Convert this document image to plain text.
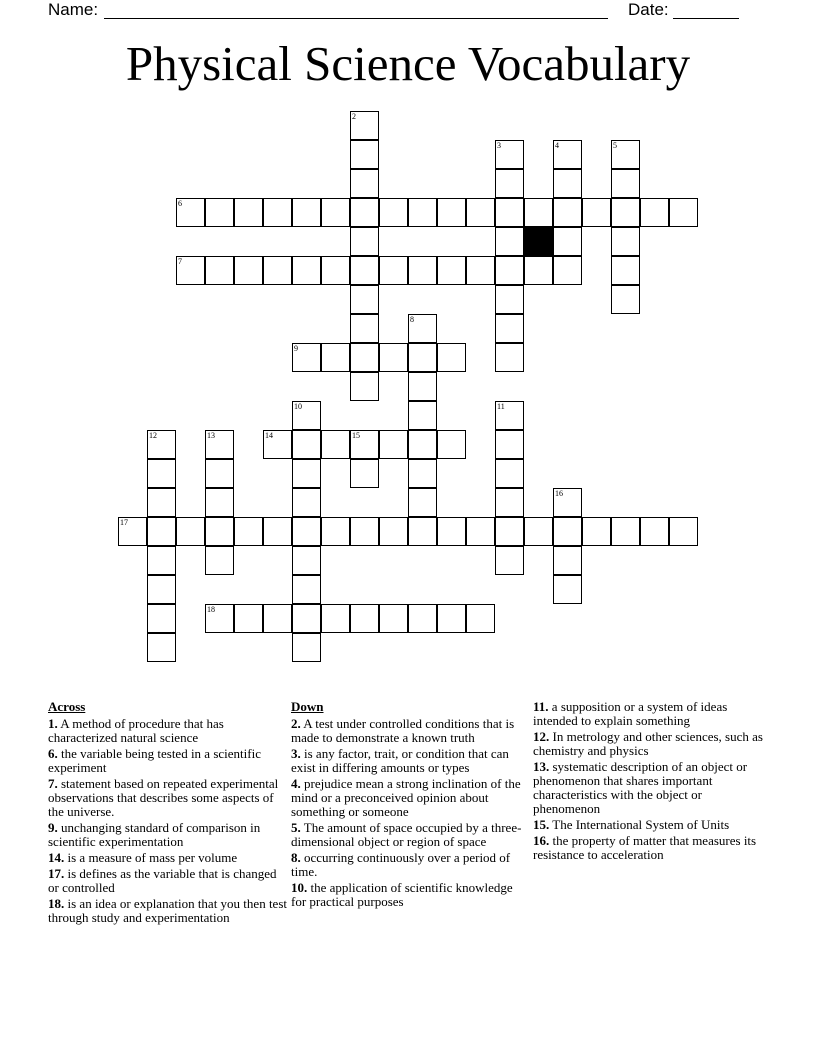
Name:	Date:
Physical Science Vocabulary
6
7
9
14	15
17
18
2
3	4	5
8
10	11
12	13
16
Across
1. A method of procedure that has characterized natural science
6. the variable being tested in a scientific experiment
7. statement based on repeated experimental observations that describes some aspects of the universe.
9. unchanging standard of comparison in scientific experimentation
14. is a measure of mass per volume
17. is defines as the variable that is changed or controlled
18. is an idea or explanation that you then test through study and experimentation
Down
2. A test under controlled conditions that is made to demonstrate a known truth
3. is any factor, trait, or condition that can exist in differing amounts or types
4. prejudice mean a strong inclination of the mind or a preconceived opinion about something or someone
5. The amount of space occupied by a three-dimensional object or region of space
8. occurring continuously over a period of time.
10. the application of scientific knowledge for practical purposes
11. a supposition or a system of ideas intended to explain something
12. In metrology and other sciences, such as chemistry and physics
13. systematic description of an object or phenomenon that shares important characteristics with the object or phenomenon
15. The International System of Units
16. the property of matter that measures its resistance to acceleration
